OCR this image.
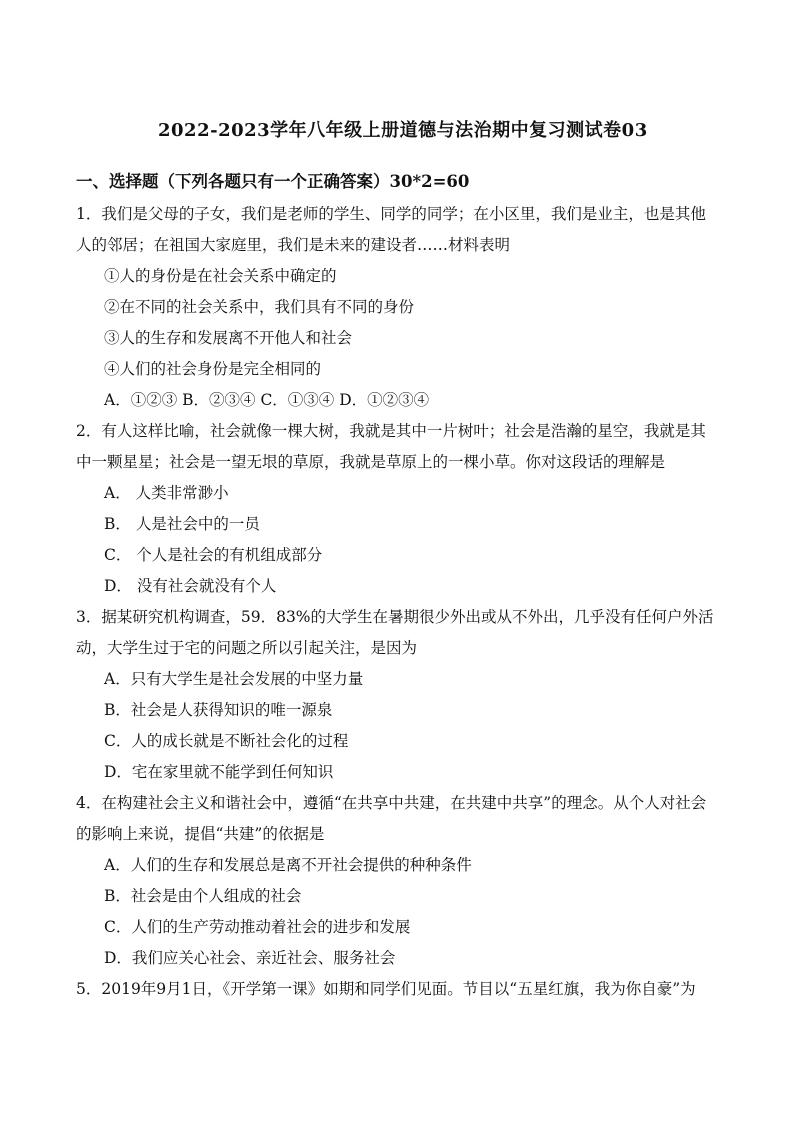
2022-2023学年八年级上册道德与法治期中复习测试卷03
一、选择题（下列各题只有一个正确答案）30*2=60
1．我们是父母的子女，我们是老师的学生、同学的同学；在小区里，我们是业主，也是其他
人的邻居；在祖国大家庭里，我们是未来的建设者……材料表明
①人的身份是在社会关系中确定的
②在不同的社会关系中，我们具有不同的身份
③人的生存和发展离不开他人和社会
④人们的社会身份是完全相同的
A．①②③ B．②③④ C．①③④ D．①②③④
2．有人这样比喻，社会就像一棵大树，我就是其中一片树叶；社会是浩瀚的星空，我就是其
中一颗星星；社会是一望无垠的草原，我就是草原上的一棵小草。你对这段话的理解是
A． 人类非常渺小
B． 人是社会中的一员
C． 个人是社会的有机组成部分
D． 没有社会就没有个人
3．据某研究机构调查，59．83%的大学生在暑期很少外出或从不外出，几乎没有任何户外活
动，大学生过于宅的问题之所以引起关注，是因为
A．只有大学生是社会发展的中坚力量
B．社会是人获得知识的唯一源泉
C．人的成长就是不断社会化的过程
D．宅在家里就不能学到任何知识
4．在构建社会主义和谐社会中，遵循“在共享中共建，在共建中共享”的理念。从个人对社会
的影响上来说，提倡“共建”的依据是
A．人们的生存和发展总是离不开社会提供的种种条件
B．社会是由个人组成的社会
C．人们的生产劳动推动着社会的进步和发展
D．我们应关心社会、亲近社会、服务社会
5．2019年9月1日，《开学第一课》如期和同学们见面。节目以“五星红旗，我为你自豪”为
